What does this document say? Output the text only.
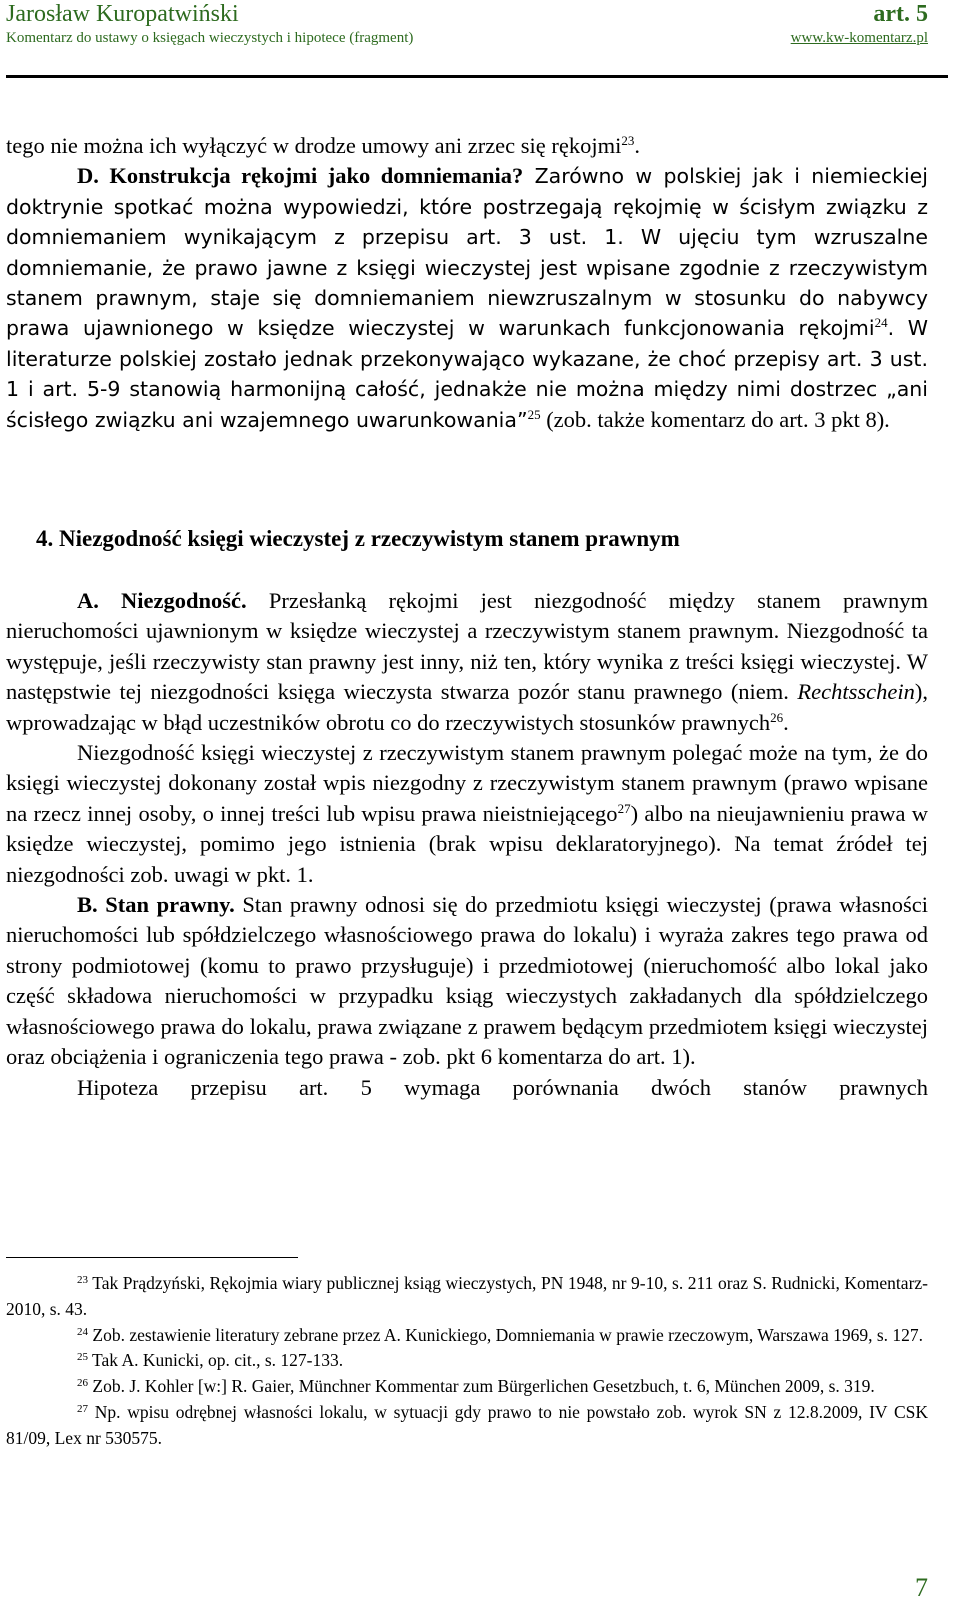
Jarosław Kuropatwiński	art. 5
Komentarz do ustawy o księgach wieczystych i hipotece (fragment)	www.kw-komentarz.pl

tego nie można ich wyłączyć w drodze umowy ani zrzec się rękojmi$^{23}$.

D. Konstrukcja rękojmi jako domniemania? Zarówno w polskiej jak i niemieckiej doktrynie spotkać można wypowiedzi, które postrzegają rękojmię w ścisłym związku z domniemaniem wynikającym z przepisu art. 3 ust. 1. W ujęciu tym wzruszalne domniemanie, że prawo jawne z księgi wieczystej jest wpisane zgodnie z rzeczywistym stanem prawnym, staje się domniemaniem niewzruszalnym w stosunku do nabywcy prawa ujawnionego w księdze wieczystej w warunkach funkcjonowania rękojmi$^{24}$. W literaturze polskiej zostało jednak przekonywająco wykazane, że choć przepisy art. 3 ust. 1 i art. 5-9 stanowią harmonijną całość, jednakże nie można między nimi dostrzec „ani ścisłego związku ani wzajemnego uwarunkowania”$^{25}$ (zob. także komentarz do art. 3 pkt 8).

4. Niezgodność księgi wieczystej z rzeczywistym stanem prawnym

A. Niezgodność. Przesłanką rękojmi jest niezgodność między stanem prawnym nieruchomości ujawnionym w księdze wieczystej a rzeczywistym stanem prawnym. Niezgodność ta występuje, jeśli rzeczywisty stan prawny jest inny, niż ten, który wynika z treści księgi wieczystej. W następstwie tej niezgodności księga wieczysta stwarza pozór stanu prawnego (niem. Rechtsschein), wprowadzając w błąd uczestników obrotu co do rzeczywistych stosunków prawnych$^{26}$.

Niezgodność księgi wieczystej z rzeczywistym stanem prawnym polegać może na tym, że do księgi wieczystej dokonany został wpis niezgodny z rzeczywistym stanem prawnym (prawo wpisane na rzecz innej osoby, o innej treści lub wpisu prawa nieistniejącego$^{27}$) albo na nieujawnieniu prawa w księdze wieczystej, pomimo jego istnienia (brak wpisu deklaratoryjnego). Na temat źródeł tej niezgodności zob. uwagi w pkt. 1.

B. Stan prawny. Stan prawny odnosi się do przedmiotu księgi wieczystej (prawa własności nieruchomości lub spółdzielczego własnościowego prawa do lokalu) i wyraża zakres tego prawa od strony podmiotowej (komu to prawo przysługuje) i przedmiotowej (nieruchomość albo lokal jako część składowa nieruchomości w przypadku ksiąg wieczystych zakładanych dla spółdzielczego własnościowego prawa do lokalu, prawa związane z prawem będącym przedmiotem księgi wieczystej oraz obciążenia i ograniczenia tego prawa - zob. pkt 6 komentarza do art. 1).

Hipoteza przepisu art. 5 wymaga porównania dwóch stanów prawnych

$^{23}$ Tak Prądzyński, Rękojmia wiary publicznej ksiąg wieczystych, PN 1948, nr 9-10, s. 211 oraz S. Rudnicki, Komentarz-2010, s. 43.

$^{24}$ Zob. zestawienie literatury zebrane przez A. Kunickiego, Domniemania w prawie rzeczowym, Warszawa 1969, s. 127.

$^{25}$ Tak A. Kunicki, op. cit., s. 127-133.

$^{26}$ Zob. J. Kohler [w:] R. Gaier, Münchner Kommentar zum Bürgerlichen Gesetzbuch, t. 6, München 2009, s. 319.

$^{27}$ Np. wpisu odrębnej własności lokalu, w sytuacji gdy prawo to nie powstało zob. wyrok SN z 12.8.2009, IV CSK 81/09, Lex nr 530575.

7
